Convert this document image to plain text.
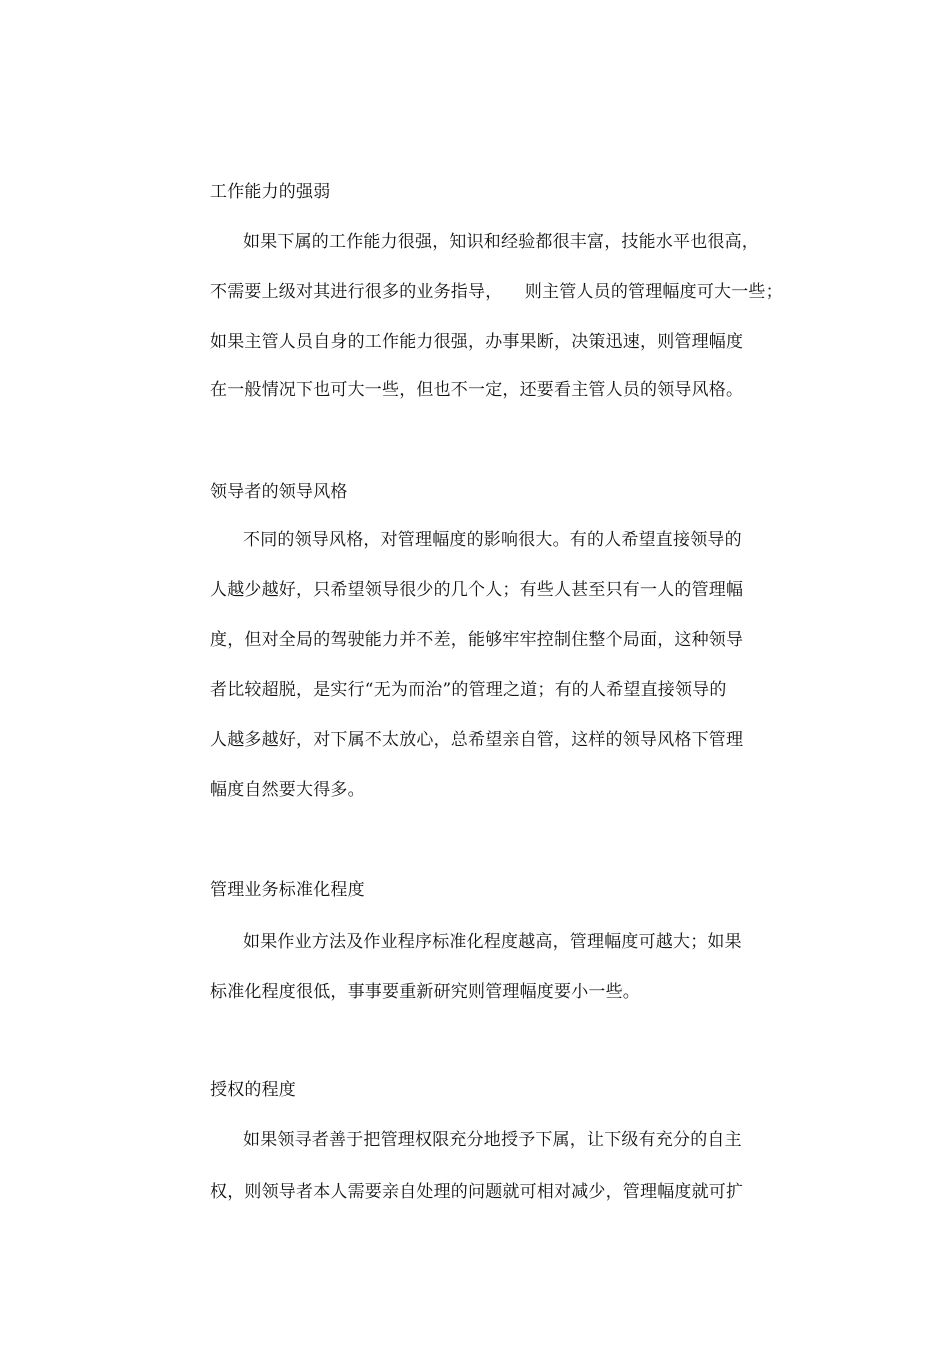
工作能力的强弱
如果下属的工作能力很强，知识和经验都很丰富，技能水平也很高，
不需要上级对其进行很多的业务指导，    则主管人员的管理幅度可大一些；
如果主管人员自身的工作能力很强，办事果断，决策迅速，则管理幅度
在一般情况下也可大一些，但也不一定，还要看主管人员的领导风格。
领导者的领导风格
不同的领导风格，对管理幅度的影响很大。有的人希望直接领导的
人越少越好，只希望领导很少的几个人；有些人甚至只有一人的管理幅
度，但对全局的驾驶能力并不差，能够牢牢控制住整个局面，这种领导
者比较超脱，是实行“无为而治”的管理之道；有的人希望直接领导的
人越多越好，对下属不太放心，总希望亲自管，这样的领导风格下管理
幅度自然要大得多。
管理业务标准化程度
如果作业方法及作业程序标准化程度越高，管理幅度可越大；如果
标准化程度很低，事事要重新研究则管理幅度要小一些。
授权的程度
如果领寻者善于把管理权限充分地授予下属，让下级有充分的自主
权，则领导者本人需要亲自处理的问题就可相对减少，管理幅度就可扩
